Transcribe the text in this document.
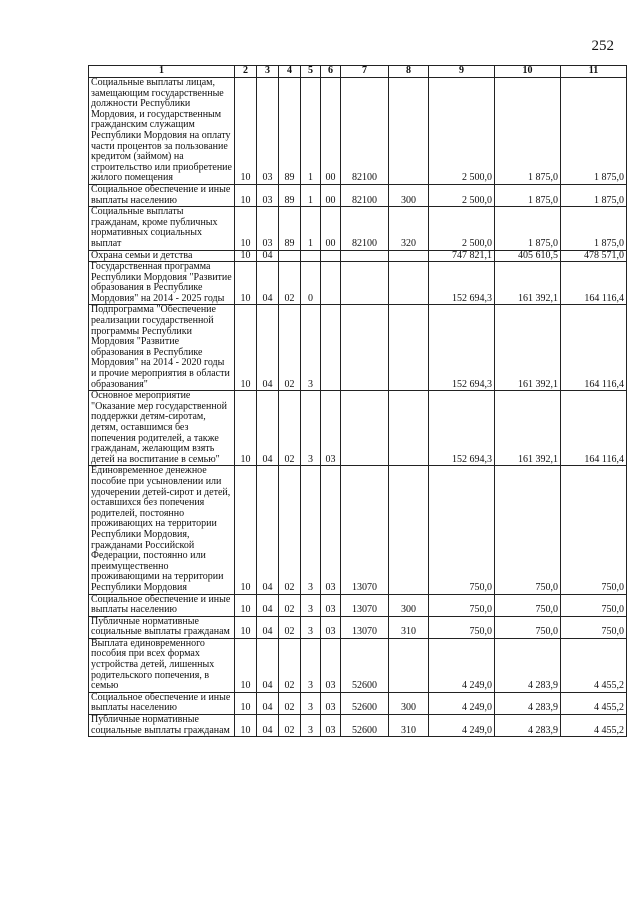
252
1	2	3	4	5	6	7	8	9	10	11
Социальные выплаты лицам, замещающим государственные должности Республики Мордовия, и государственным гражданским служащим Республики Мордовия на оплату части процентов за пользование кредитом (займом) на строительство или приобретение жилого помещения	10	03	89	1	00	82100		2 500,0	1 875,0	1 875,0
Социальное обеспечение и иные выплаты населению	10	03	89	1	00	82100	300	2 500,0	1 875,0	1 875,0
Социальные выплаты гражданам, кроме публичных нормативных социальных выплат	10	03	89	1	00	82100	320	2 500,0	1 875,0	1 875,0
Охрана семьи и детства	10	04						747 821,1	405 610,5	478 571,0
Государственная программа Республики Мордовия "Развитие образования в Республике Мордовия" на 2014 - 2025 годы	10	04	02	0				152 694,3	161 392,1	164 116,4
Подпрограмма "Обеспечение реализации государственной программы Республики Мордовия "Развитие образования в Республике Мордовия" на 2014 - 2020 годы и прочие мероприятия в области образования"	10	04	02	3				152 694,3	161 392,1	164 116,4
Основное мероприятие "Оказание мер государственной поддержки детям-сиротам, детям, оставшимся без попечения родителей, а также гражданам, желающим взять детей на воспитание в семью"	10	04	02	3	03			152 694,3	161 392,1	164 116,4
Единовременное денежное пособие при усыновлении или удочерении детей-сирот и детей, оставшихся без попечения родителей, постоянно проживающих на территории Республики Мордовия, гражданами Российской Федерации, постоянно или преимущественно проживающими на территории Республики Мордовия	10	04	02	3	03	13070		750,0	750,0	750,0
Социальное обеспечение и иные выплаты населению	10	04	02	3	03	13070	300	750,0	750,0	750,0
Публичные нормативные социальные выплаты гражданам	10	04	02	3	03	13070	310	750,0	750,0	750,0
Выплата единовременного пособия при всех формах устройства детей, лишенных родительского попечения, в семью	10	04	02	3	03	52600		4 249,0	4 283,9	4 455,2
Социальное обеспечение и иные выплаты населению	10	04	02	3	03	52600	300	4 249,0	4 283,9	4 455,2
Публичные нормативные социальные выплаты гражданам	10	04	02	3	03	52600	310	4 249,0	4 283,9	4 455,2
